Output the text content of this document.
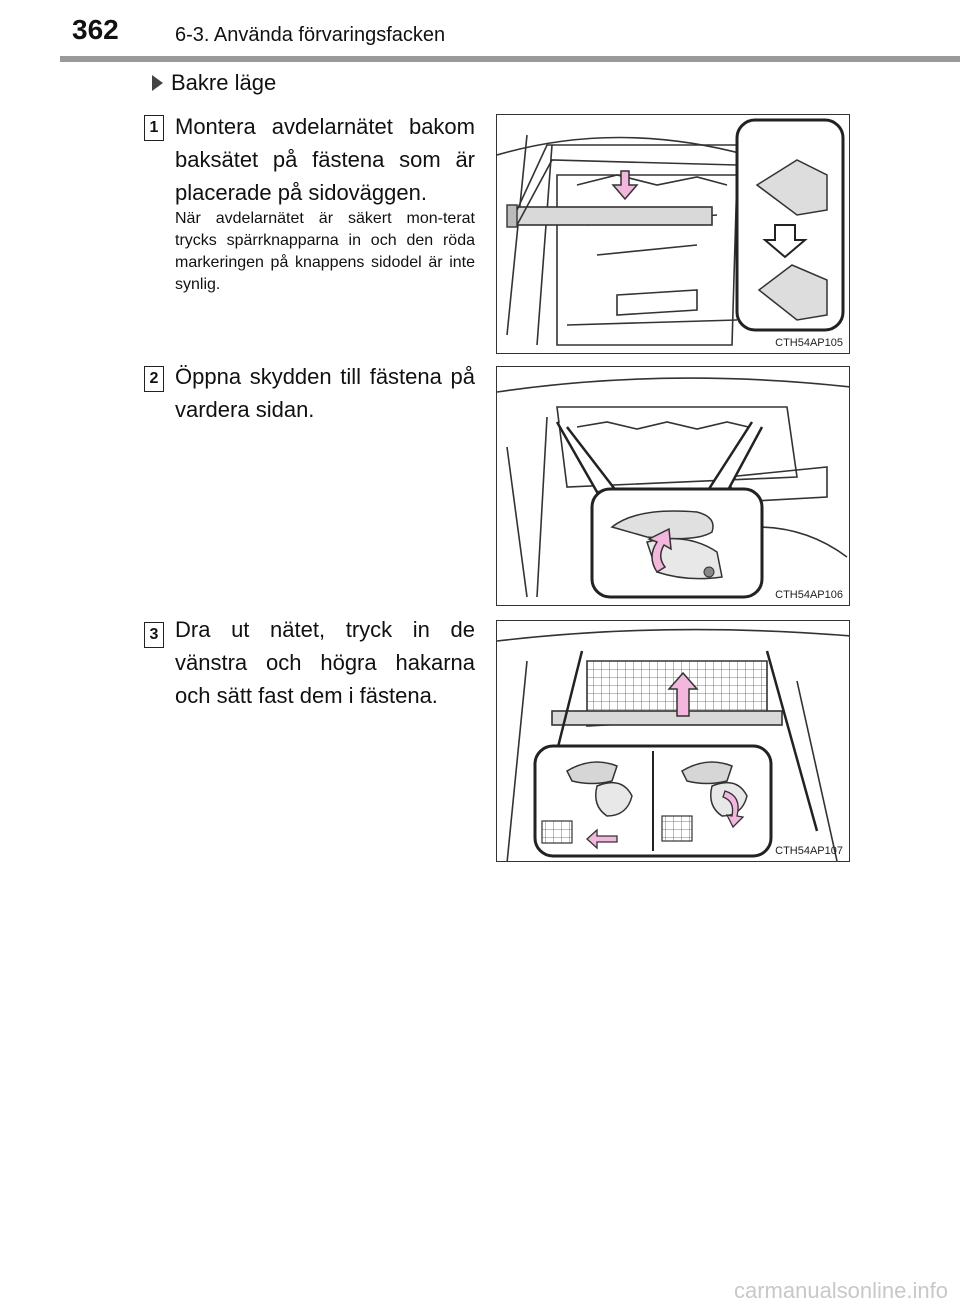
362	6-3. Använda förvaringsfacken
Bakre läge
1 Montera avdelarnätet bakom baksätet på fästena som är placerade på sidoväggen.
När avdelarnätet är säkert mon-terat trycks spärrknapparna in och den röda markeringen på knappens sidodel är inte synlig.
CTH54AP105
2 Öppna skydden till fästena på vardera sidan.
CTH54AP106
3 Dra ut nätet, tryck in de vänstra och högra hakarna och sätt fast dem i fästena.
CTH54AP107
carmanualsonline.info
